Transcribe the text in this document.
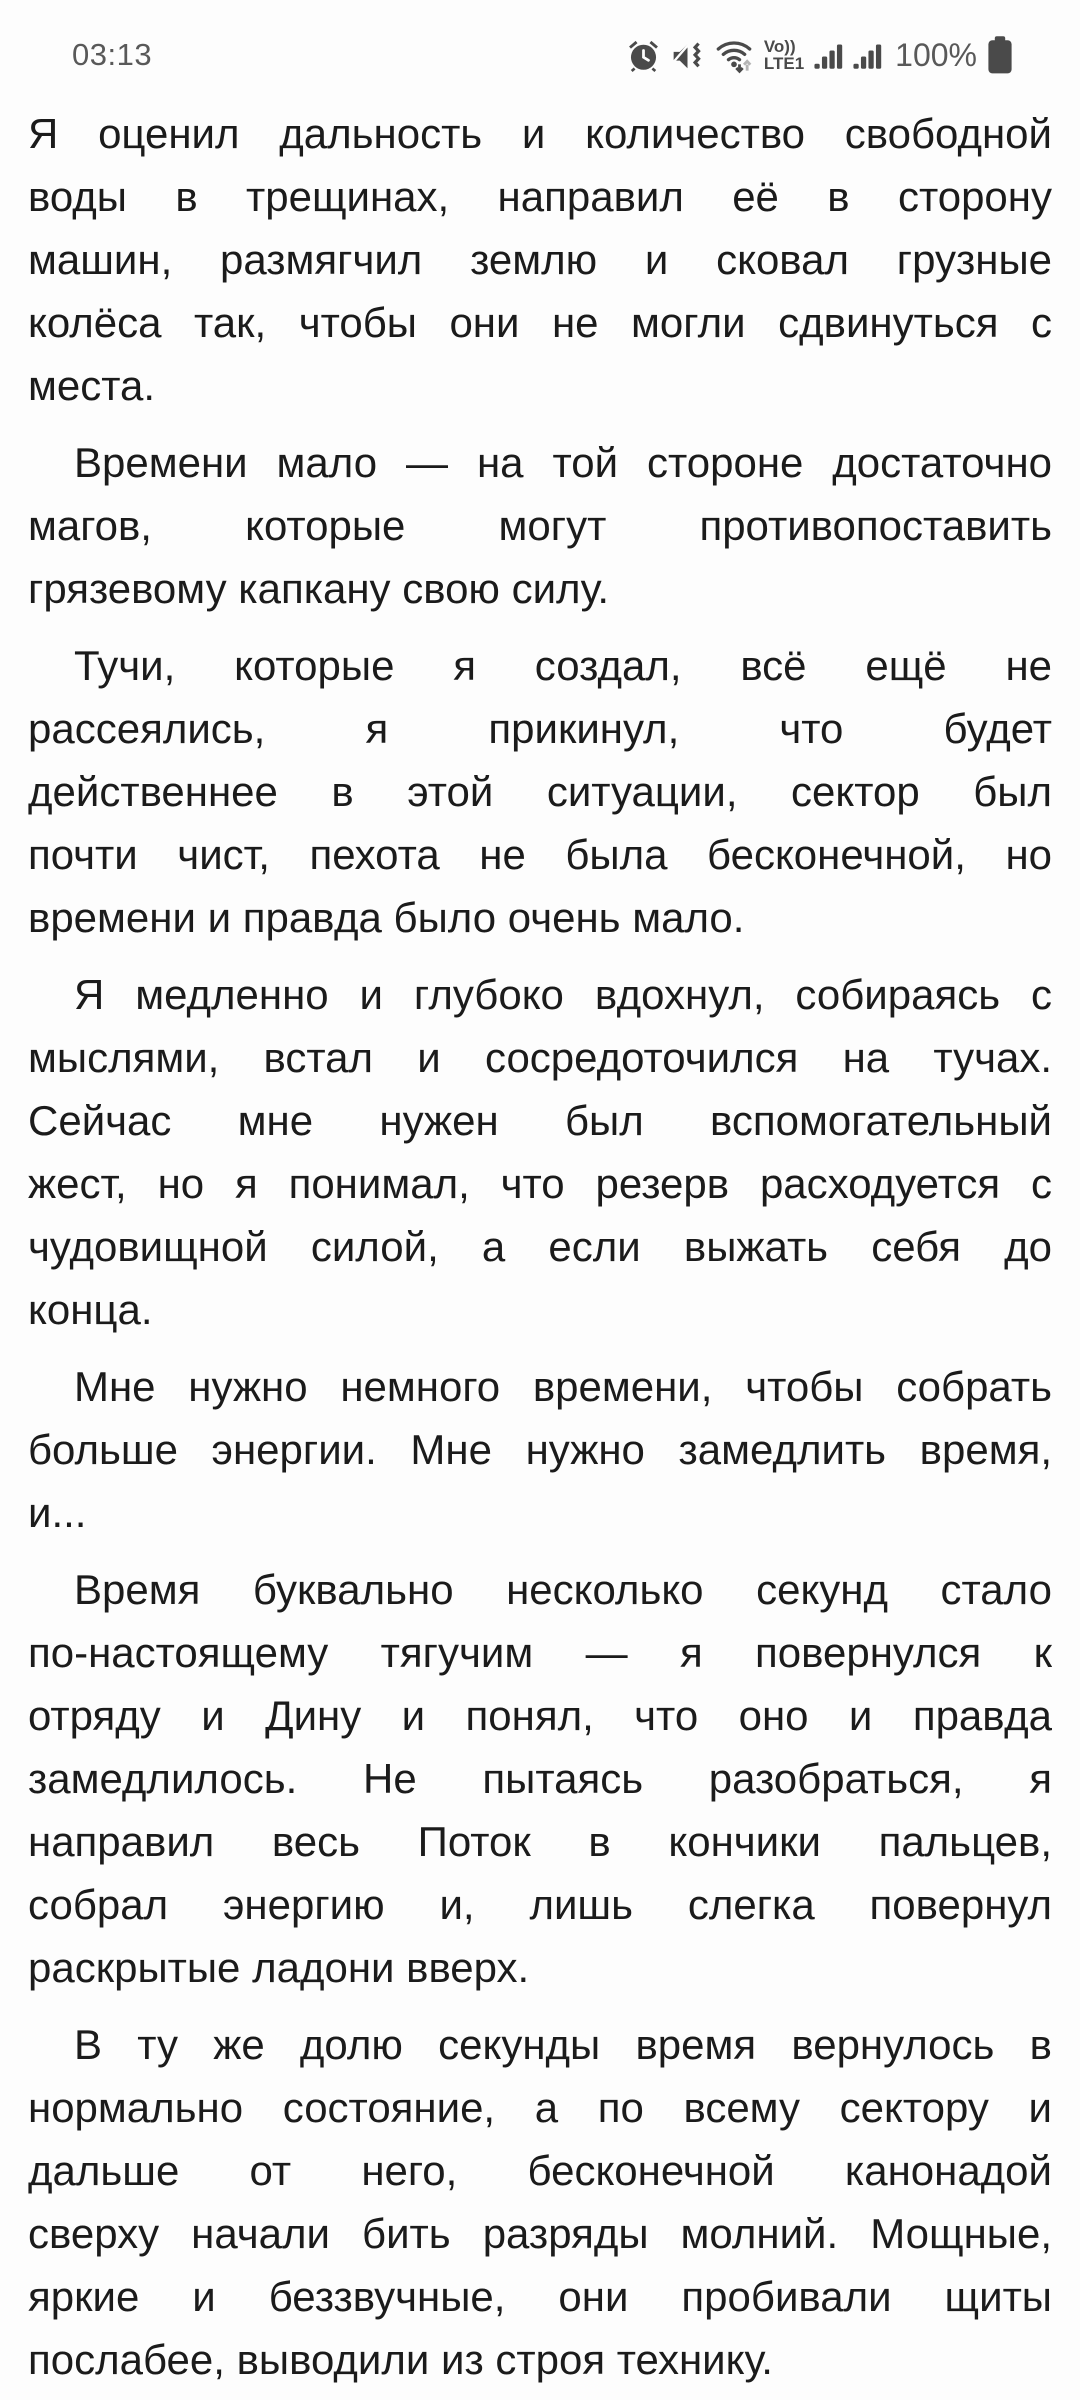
03:13	Vo))
LTE1	100%
Я оценил дальность и количество свободной
воды в трещинах, направил её в сторону
машин, размягчил землю и сковал грузные
колёса так, чтобы они не могли сдвинуться с
места.
Времени мало — на той стороне достаточно
магов, которые могут противопоставить
грязевому капкану свою силу.
Тучи, которые я создал, всё ещё не
рассеялись, я прикинул, что будет
действеннее в этой ситуации, сектор был
почти чист, пехота не была бесконечной, но
времени и правда было очень мало.
Я медленно и глубоко вдохнул, собираясь с
мыслями, встал и сосредоточился на тучах.
Сейчас мне нужен был вспомогательный
жест, но я понимал, что резерв расходуется с
чудовищной силой, а если выжать себя до
конца.
Мне нужно немного времени, чтобы собрать
больше энергии. Мне нужно замедлить время,
и...
Время буквально несколько секунд стало
по-настоящему тягучим — я повернулся к
отряду и Дину и понял, что оно и правда
замедлилось. Не пытаясь разобраться, я
направил весь Поток в кончики пальцев,
собрал энергию и, лишь слегка повернул
раскрытые ладони вверх.
В ту же долю секунды время вернулось в
нормально состояние, а по всему сектору и
дальше от него, бесконечной канонадой
сверху начали бить разряды молний. Мощные,
яркие и беззвучные, они пробивали щиты
послабее, выводили из строя технику.
